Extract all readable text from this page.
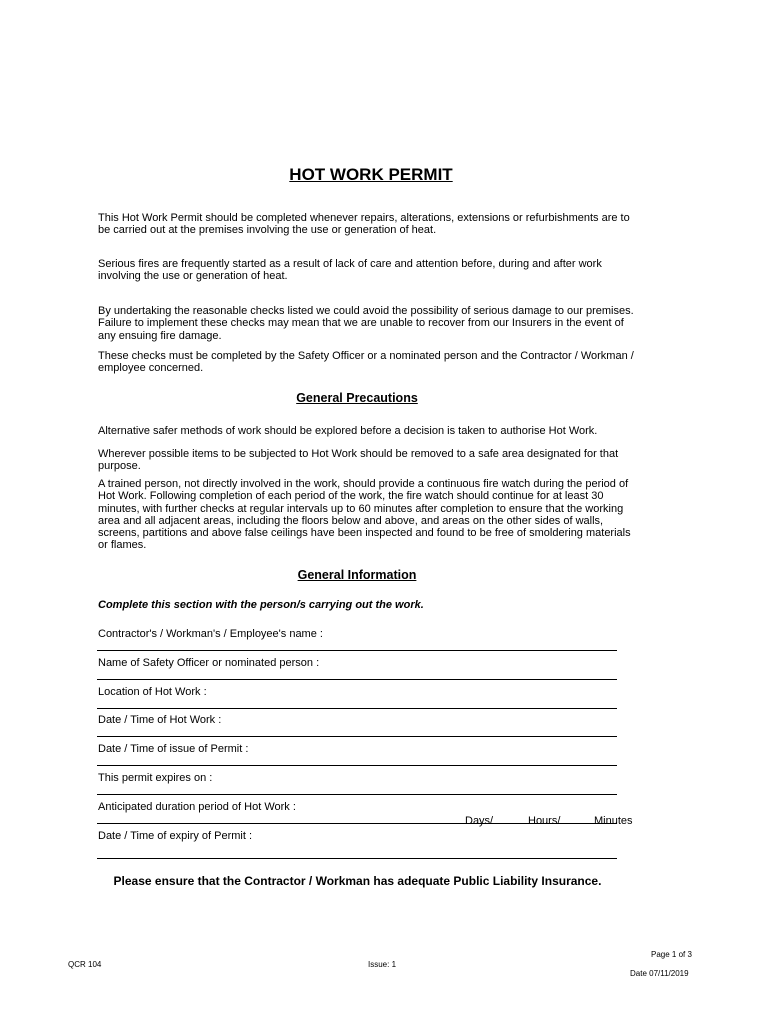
HOT WORK PERMIT

This Hot Work Permit should be completed whenever repairs, alterations, extensions or refurbishments are to be carried out at the premises involving the use or generation of heat.

Serious fires are frequently started as a result of lack of care and attention before, during and after work involving the use or generation of heat.

By undertaking the reasonable checks listed we could avoid the possibility of serious damage to our premises. Failure to implement these checks may mean that we are unable to recover from our Insurers in the event of any ensuing fire damage.

These checks must be completed by the Safety Officer or a nominated person and the Contractor / Workman / employee concerned.

General Precautions

Alternative safer methods of work should be explored before a decision is taken to authorise Hot Work.

Wherever possible items to be subjected to Hot Work should be removed to a safe area designated for that purpose.

A trained person, not directly involved in the work, should provide a continuous fire watch during the period of Hot Work. Following completion of each period of the work, the fire watch should continue for at least 30 minutes, with further checks at regular intervals up to 60 minutes after completion to ensure that the working area and all adjacent areas, including the floors below and above, and areas on the other sides of walls, screens, partitions and above false ceilings have been inspected and found to be free of smoldering materials or flames.

General Information

Complete this section with the person/s carrying out the work.

Contractor's / Workman's / Employee's name :
Name of Safety Officer or nominated person :
Location of Hot Work :
Date / Time of Hot Work :
Date / Time of issue of Permit :
This permit expires on :
Anticipated duration period of Hot Work :
Days/	Hours/	Minutes
Date / Time of expiry of Permit :

Please ensure that the Contractor / Workman has adequate Public Liability Insurance.

QCR 104	Issue: 1
Page 1 of 3
Date 07/11/2019
